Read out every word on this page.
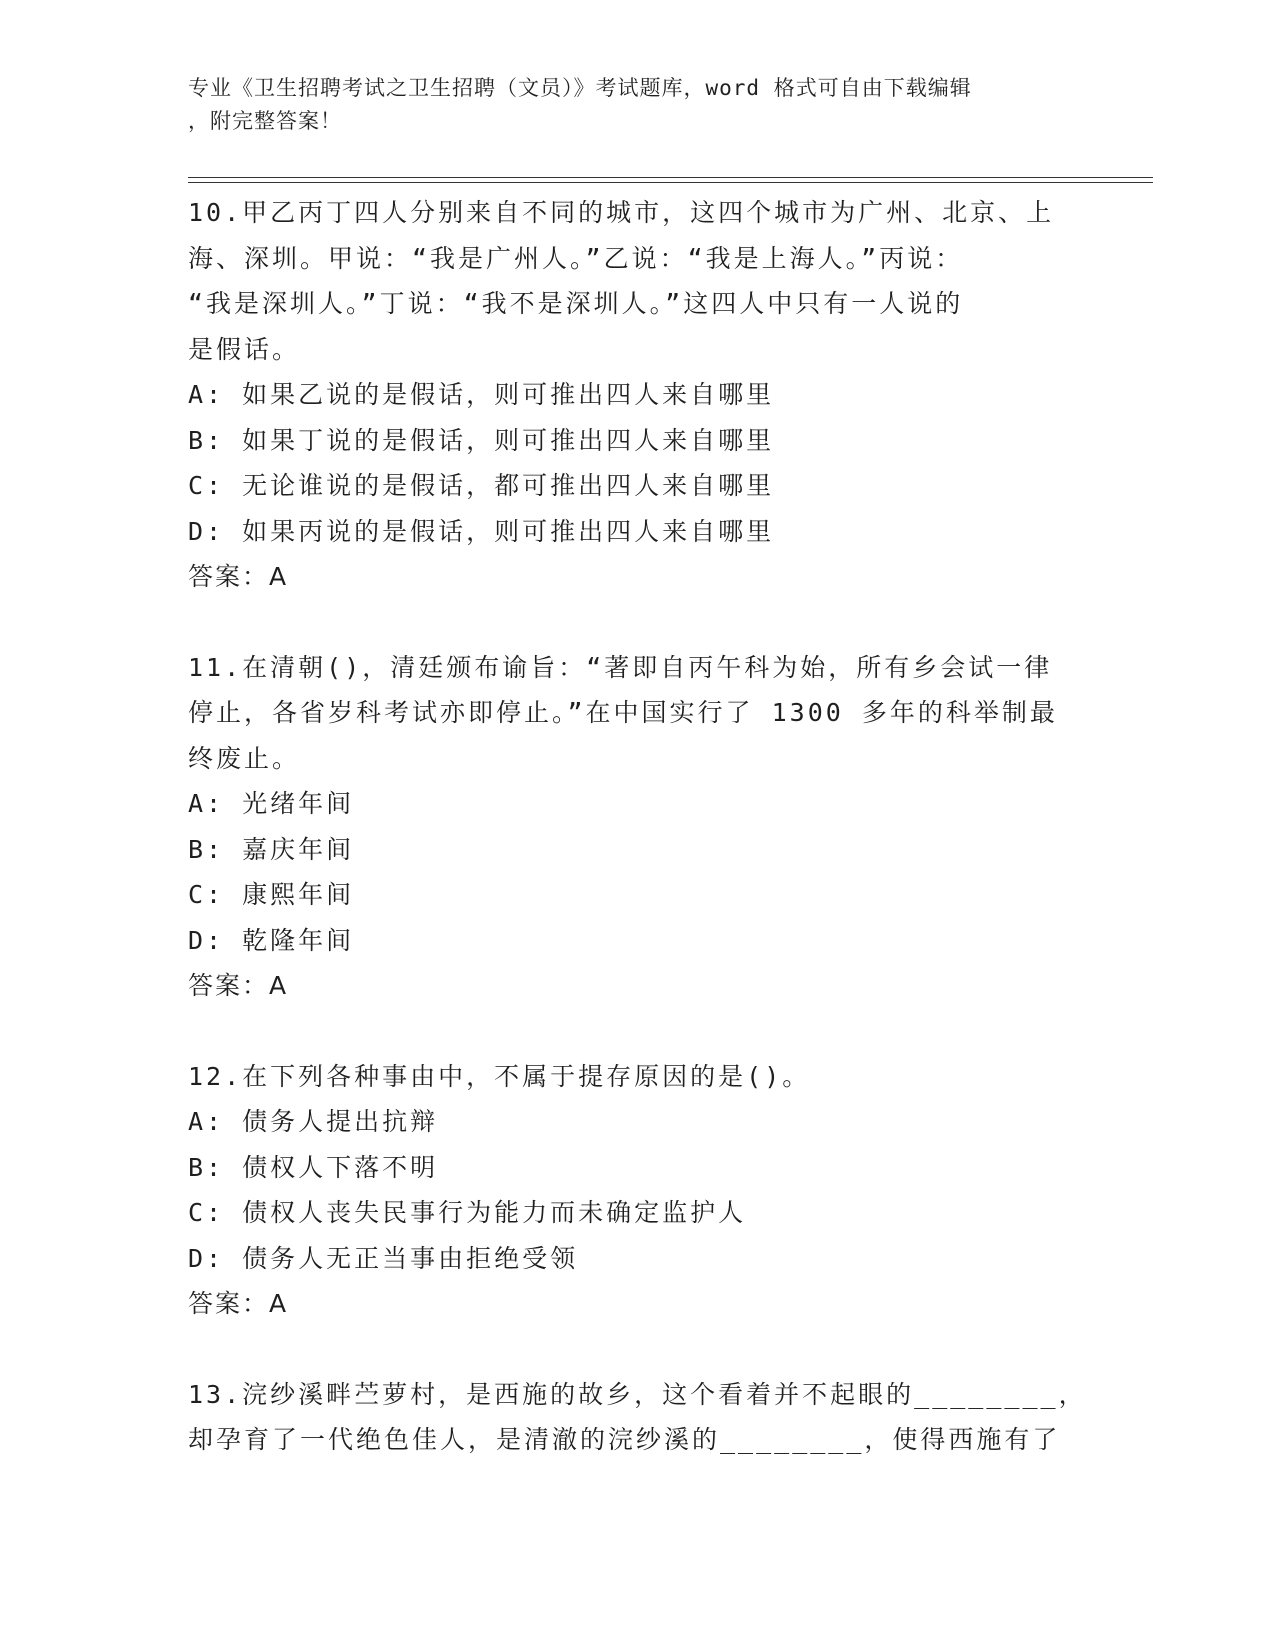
专业《卫生招聘考试之卫生招聘（文员）》考试题库，word 格式可自由下载编辑
，附完整答案！
10.甲乙丙丁四人分别来自不同的城市，这四个城市为广州、北京、上
海、深圳。甲说：“我是广州人。”乙说：“我是上海人。”丙说：
“我是深圳人。”丁说：“我不是深圳人。”这四人中只有一人说的
是假话。
A: 如果乙说的是假话，则可推出四人来自哪里
B: 如果丁说的是假话，则可推出四人来自哪里
C: 无论谁说的是假话，都可推出四人来自哪里
D: 如果丙说的是假话，则可推出四人来自哪里
答案：A
11.在清朝()，清廷颁布谕旨：“著即自丙午科为始，所有乡会试一律
停止，各省岁科考试亦即停止。”在中国实行了 1300 多年的科举制最
终废止。
A: 光绪年间
B: 嘉庆年间
C: 康熙年间
D: 乾隆年间
答案：A
12.在下列各种事由中，不属于提存原因的是()。
A: 债务人提出抗辩
B: 债权人下落不明
C: 债权人丧失民事行为能力而未确定监护人
D: 债务人无正当事由拒绝受领
答案：A
13.浣纱溪畔苎萝村，是西施的故乡，这个看着并不起眼的________，
却孕育了一代绝色佳人，是清澈的浣纱溪的________，使得西施有了
